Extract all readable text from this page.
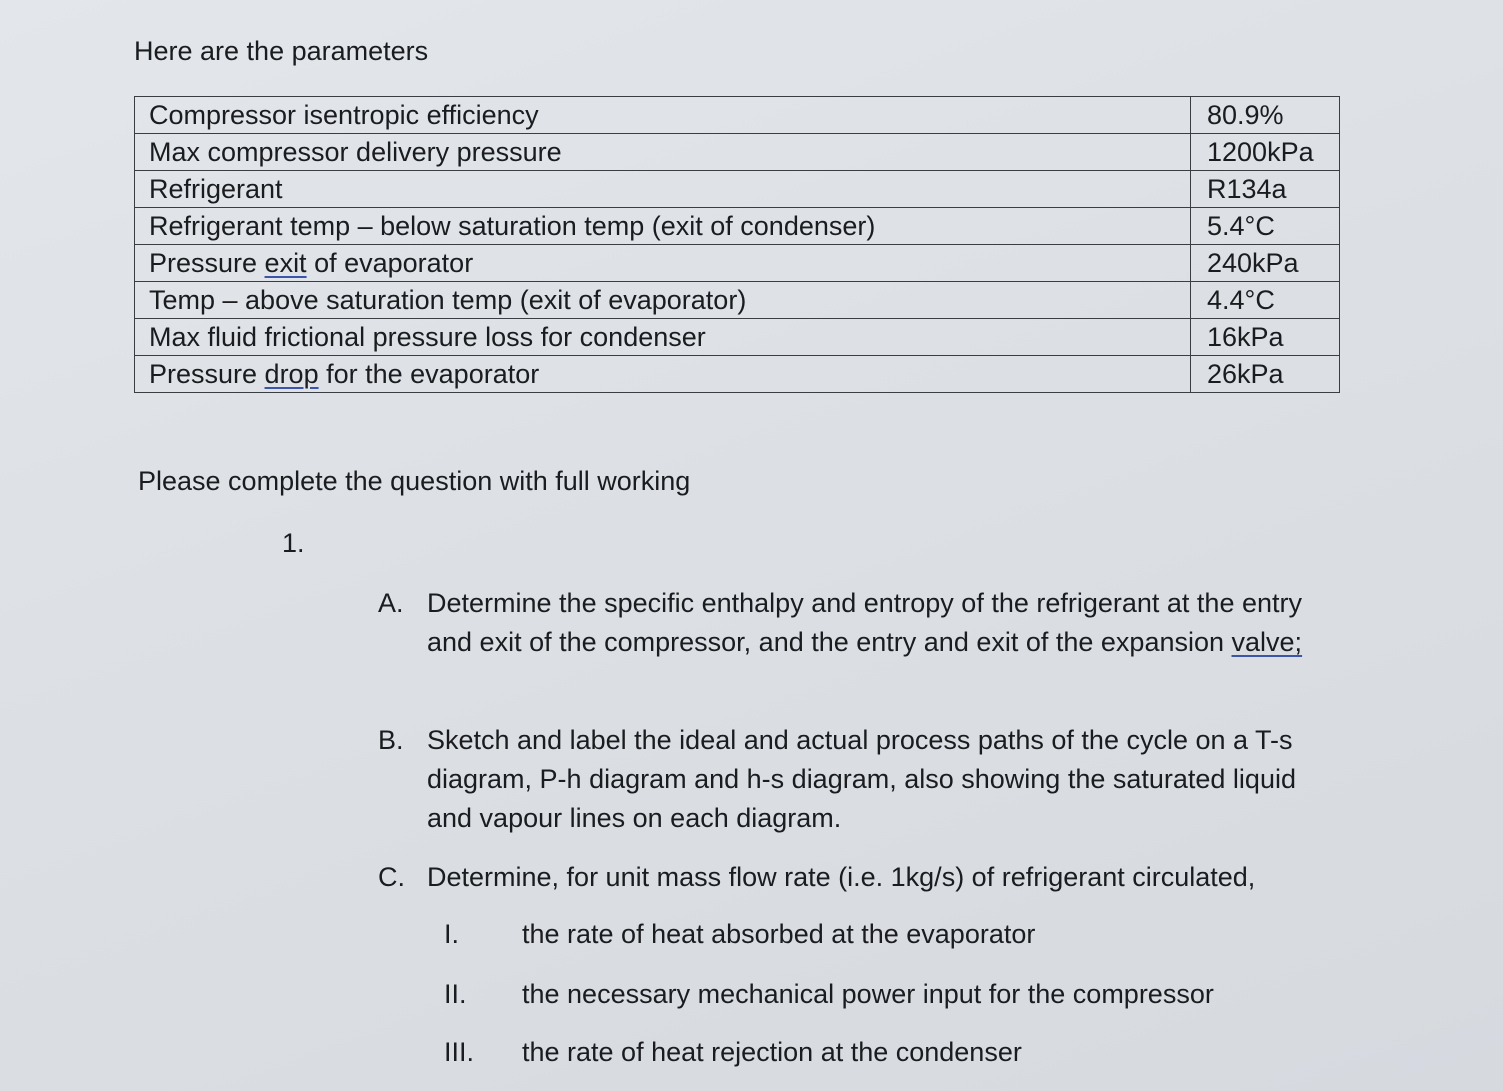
Here are the parameters
Compressor isentropic efficiency	80.9%
Max compressor delivery pressure	1200kPa
Refrigerant	R134a
Refrigerant temp – below saturation temp (exit of condenser)	5.4°C
Pressure exit of evaporator	240kPa
Temp – above saturation temp (exit of evaporator)	4.4°C
Max fluid frictional pressure loss for condenser	16kPa
Pressure drop for the evaporator	26kPa
Please complete the question with full working
1.
A. Determine the specific enthalpy and entropy of the refrigerant at the entry and exit of the compressor, and the entry and exit of the expansion valve;
B. Sketch and label the ideal and actual process paths of the cycle on a T-s diagram, P-h diagram and h-s diagram, also showing the saturated liquid and vapour lines on each diagram.
C. Determine, for unit mass flow rate (i.e. 1kg/s) of refrigerant circulated,
I.	the rate of heat absorbed at the evaporator
II.	the necessary mechanical power input for the compressor
III.	the rate of heat rejection at the condenser
